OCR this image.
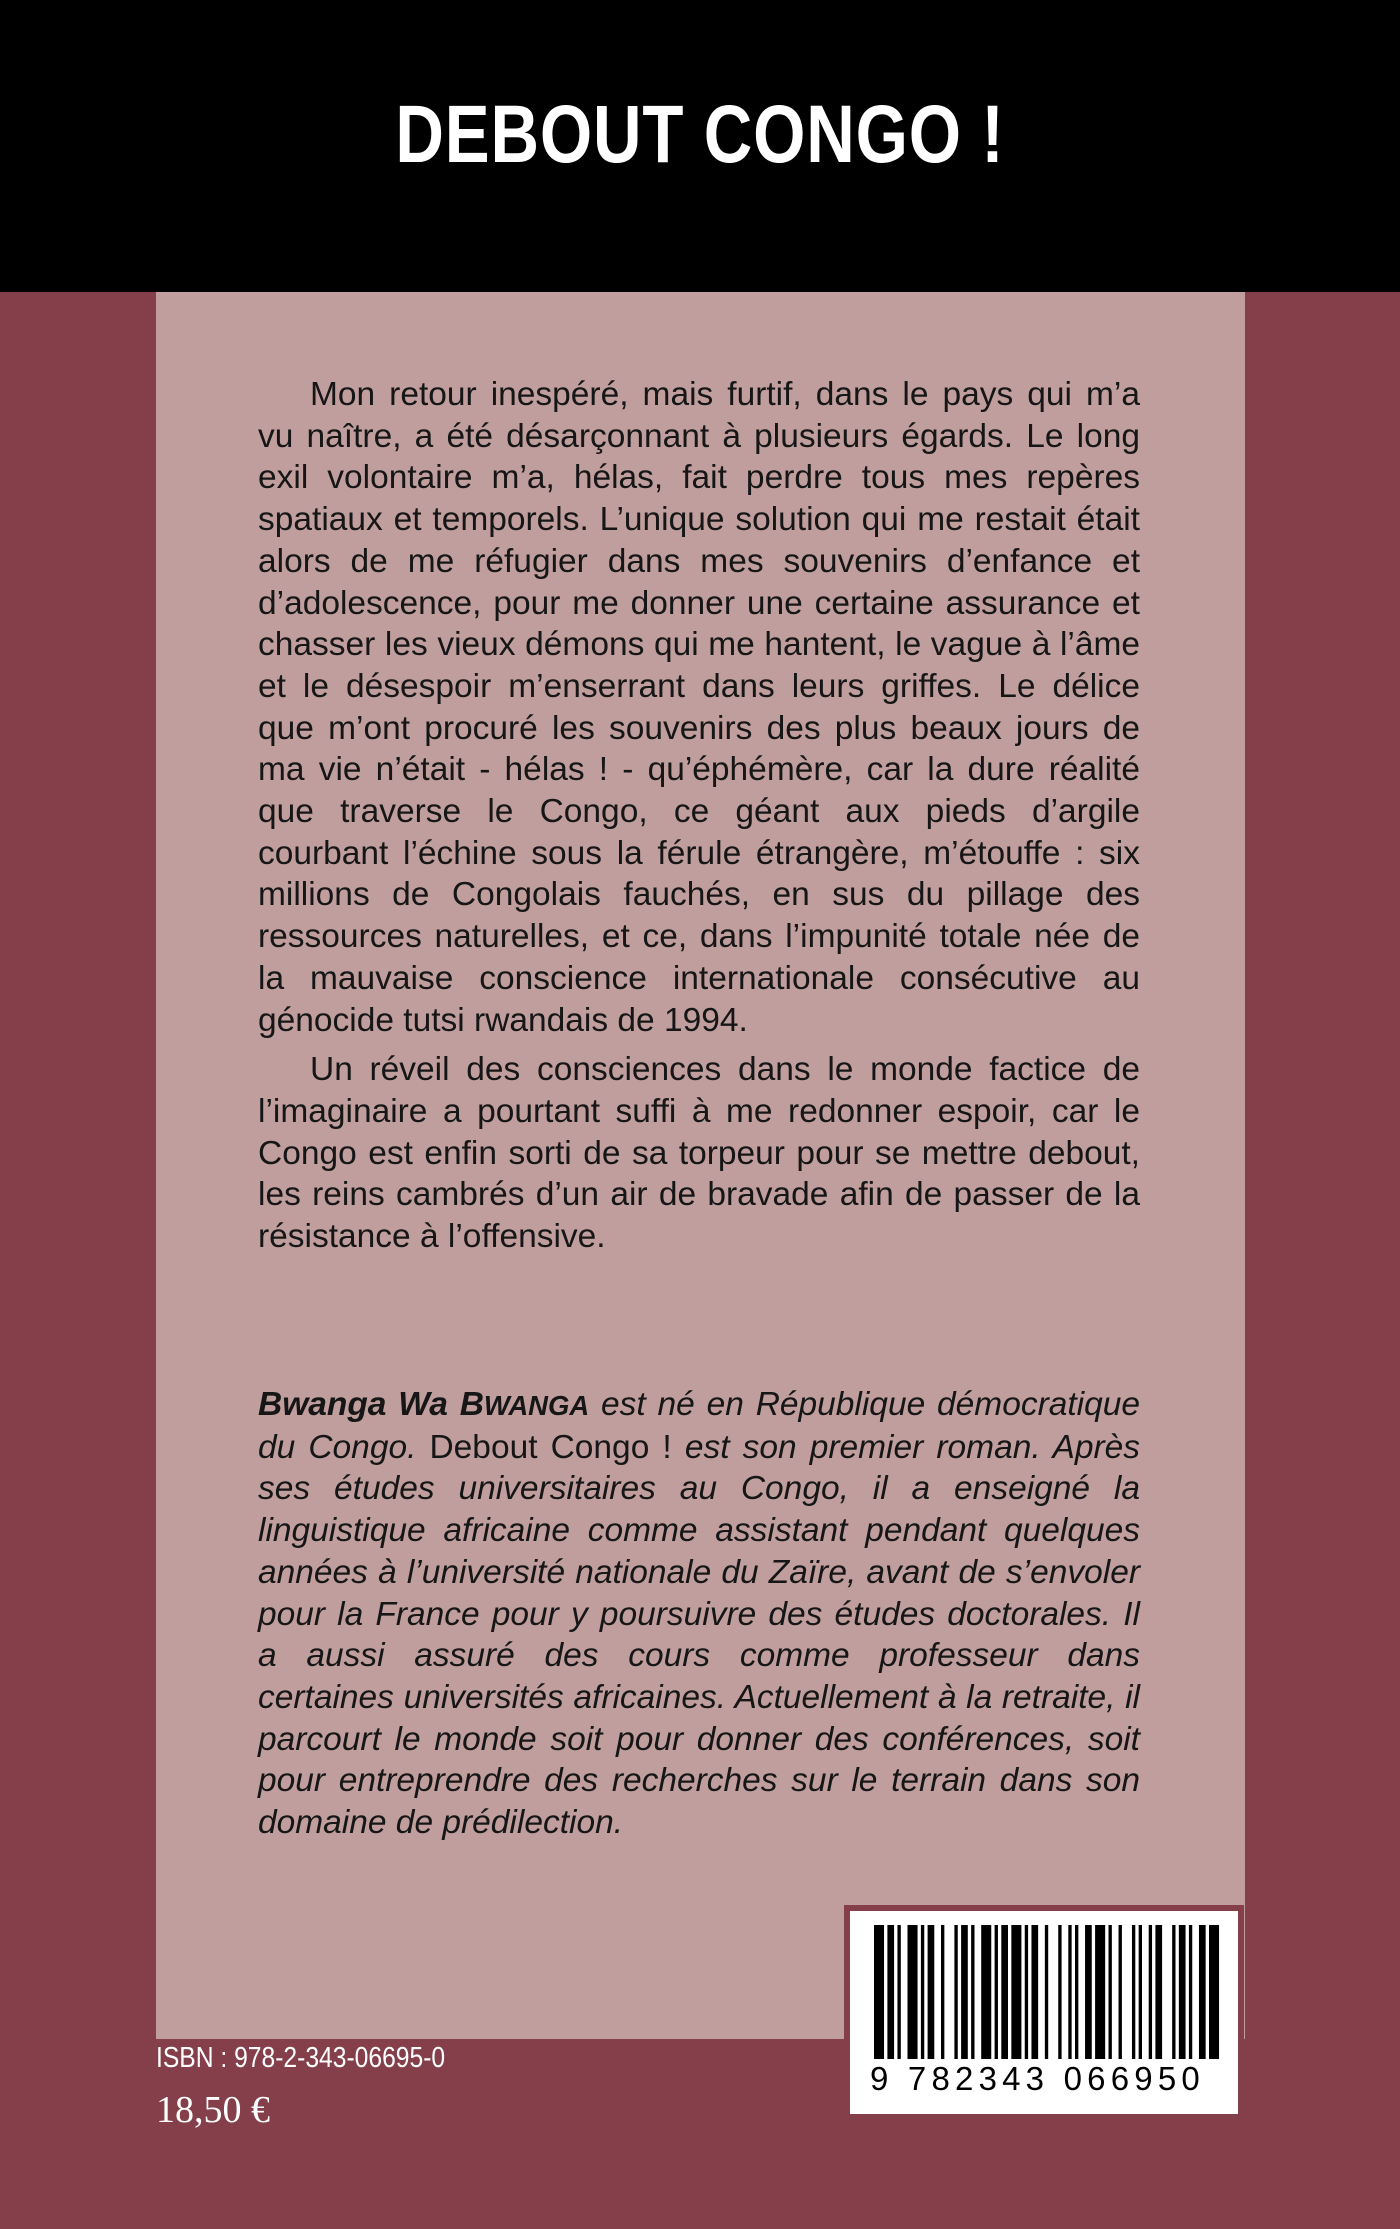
DEBOUT CONGO !

Mon retour inespéré, mais furtif, dans le pays qui m’a vu naître, a été désarçonnant à plusieurs égards. Le long exil volontaire m’a, hélas, fait perdre tous mes repères spatiaux et temporels. L’unique solution qui me restait était alors de me réfugier dans mes souvenirs d’enfance et d’adolescence, pour me donner une certaine assurance et chasser les vieux démons qui me hantent, le vague à l’âme et le désespoir m’enserrant dans leurs griffes. Le délice que m’ont procuré les souvenirs des plus beaux jours de ma vie n’était - hélas ! - qu’éphémère, car la dure réalité que traverse le Congo, ce géant aux pieds d’argile courbant l’échine sous la férule étrangère, m’étouffe : six millions de Congolais fauchés, en sus du pillage des ressources naturelles, et ce, dans l’impunité totale née de la mauvaise conscience internationale consécutive au génocide tutsi rwandais de 1994.

Un réveil des consciences dans le monde factice de l’imaginaire a pourtant suffi à me redonner espoir, car le Congo est enfin sorti de sa torpeur pour se mettre debout, les reins cambrés d’un air de bravade afin de passer de la résistance à l’offensive.

Bwanga Wa BWANGA est né en République démocratique du Congo. Debout Congo ! est son premier roman. Après ses études universitaires au Congo, il a enseigné la linguistique africaine comme assistant pendant quelques années à l’université nationale du Zaïre, avant de s’envoler pour la France pour y poursuivre des études doctorales. Il a aussi assuré des cours comme professeur dans certaines universités africaines. Actuellement à la retraite, il parcourt le monde soit pour donner des conférences, soit pour entreprendre des recherches sur le terrain dans son domaine de prédilection.

9 782343 066950
ISBN : 978-2-343-06695-0
18,50 €
